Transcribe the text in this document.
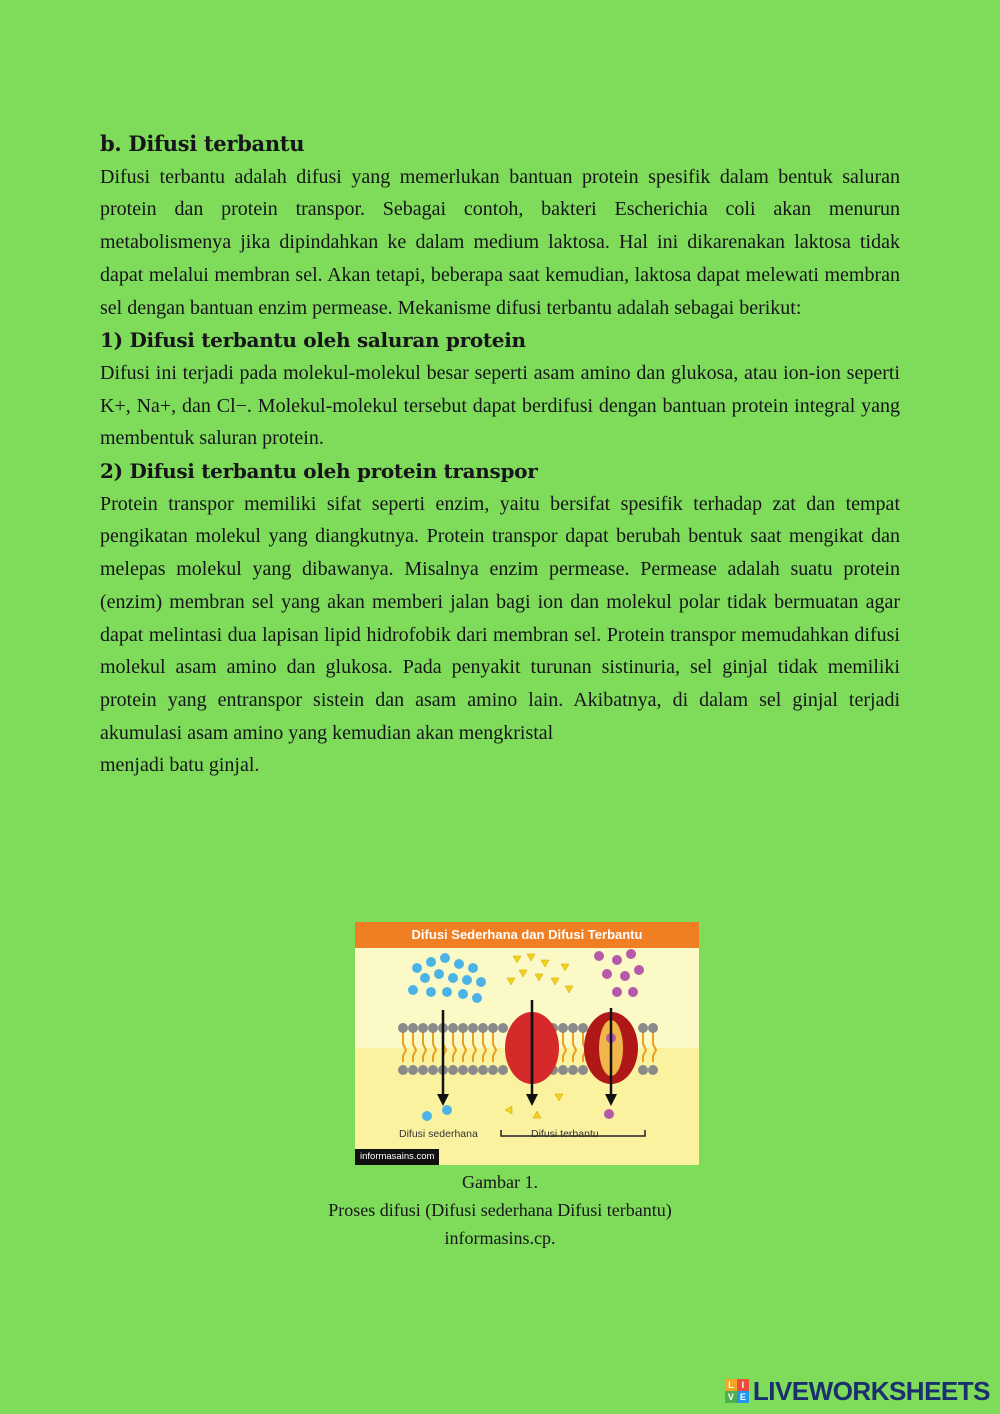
b. Difusi terbantu

Difusi terbantu adalah difusi yang memerlukan bantuan protein spesifik dalam bentuk saluran protein dan protein transpor. Sebagai contoh, bakteri Escherichia coli akan menurun metabolismenya jika dipindahkan ke dalam medium laktosa. Hal ini dikarenakan laktosa tidak dapat melalui membran sel. Akan tetapi, beberapa saat kemudian, laktosa dapat melewati membran sel dengan bantuan enzim permease. Mekanisme difusi terbantu adalah sebagai berikut:

1) Difusi terbantu oleh saluran protein

Difusi ini terjadi pada molekul-molekul besar seperti asam amino dan glukosa, atau ion-ion seperti K+, Na+, dan Cl−. Molekul-molekul tersebut dapat berdifusi dengan bantuan protein integral yang membentuk saluran protein.

2) Difusi terbantu oleh protein transpor

Protein transpor memiliki sifat seperti enzim, yaitu bersifat spesifik terhadap zat dan tempat pengikatan molekul yang diangkutnya. Protein transpor dapat berubah bentuk saat mengikat dan melepas molekul yang dibawanya. Misalnya enzim permease. Permease adalah suatu protein (enzim) membran sel yang akan memberi jalan bagi ion dan molekul polar tidak bermuatan agar dapat melintasi dua lapisan lipid hidrofobik dari membran sel. Protein transpor memudahkan difusi molekul asam amino dan glukosa. Pada penyakit turunan sistinuria, sel ginjal tidak memiliki protein yang entranspor sistein dan asam amino lain. Akibatnya, di dalam sel ginjal terjadi akumulasi asam amino yang kemudian akan mengkristal

menjadi batu ginjal.

Difusi Sederhana dan Difusi Terbantu
Difusi sederhana	Difusi terbantu
informasains.com
Gambar 1.
Proses difusi (Difusi sederhana Difusi terbantu)
informasins.cp.
L I
V E LIVEWORKSHEETS
